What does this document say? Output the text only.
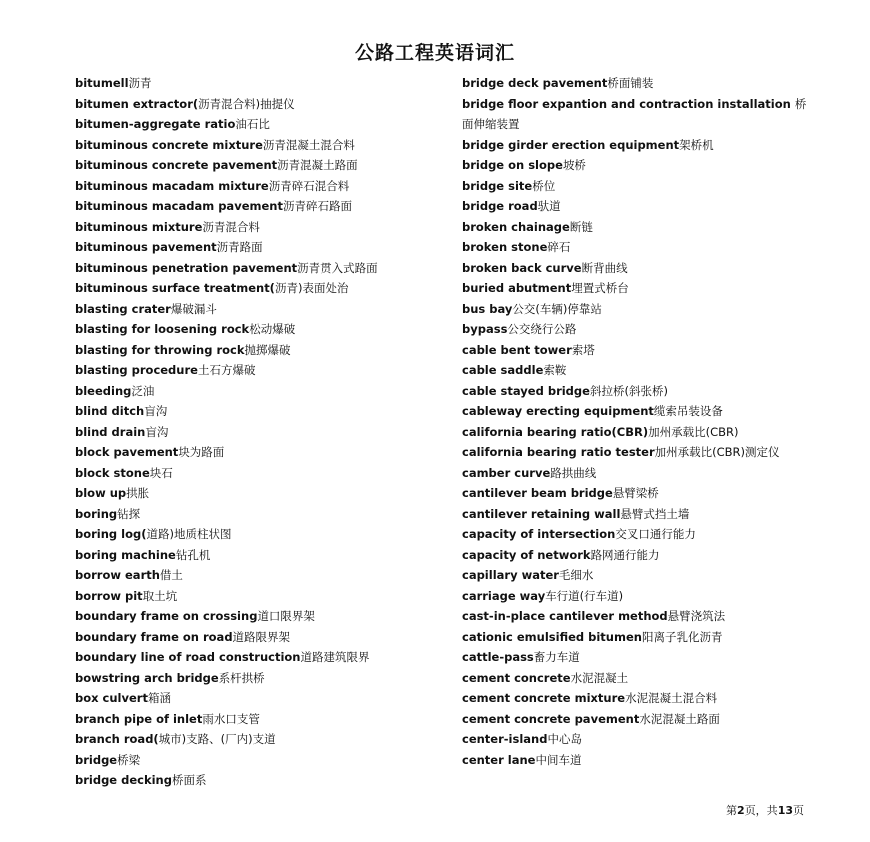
公路工程英语词汇
bitumell沥青
bitumen extractor(沥青混合料)抽提仪
bitumen-aggregate ratio油石比
bituminous concrete mixture沥青混凝土混合料
bituminous concrete pavement沥青混凝土路面
bituminous macadam mixture沥青碎石混合料
bituminous macadam pavement沥青碎石路面
bituminous mixture沥青混合料
bituminous pavement沥青路面
bituminous penetration pavement沥青贯入式路面
bituminous surface treatment(沥青)表面处治
blasting crater爆破漏斗
blasting for loosening rock松动爆破
blasting for throwing rock抛掷爆破
blasting procedure土石方爆破
bleeding泛油
blind ditch盲沟
blind drain盲沟
block pavement块为路面
block stone块石
blow up拱胀
boring钻探
boring log(道路)地质柱状图
boring machine钻孔机
borrow earth借土
borrow pit取土坑
boundary frame on crossing道口限界架
boundary frame on road道路限界架
boundary line of road construction道路建筑限界
bowstring arch bridge系杆拱桥
box culvert箱涵
branch pipe of inlet雨水口支管
branch road(城市)支路、(厂内)支道
bridge桥梁
bridge decking桥面系
bridge deck pavement桥面铺装
bridge floor expantion and contraction installation 桥面伸缩装置
bridge girder erection equipment架桥机
bridge on slope坡桥
bridge site桥位
bridge road驮道
broken chainage断链
broken stone碎石
broken back curve断背曲线
buried abutment埋置式桥台
bus bay公交(车辆)停靠站
bypass公交绕行公路
cable bent tower索塔
cable saddle索鞍
cable stayed bridge斜拉桥(斜张桥)
cableway erecting equipment缆索吊装设备
california bearing ratio(CBR)加州承载比(CBR)
california bearing ratio tester加州承载比(CBR)测定仪
camber curve路拱曲线
cantilever beam bridge悬臂梁桥
cantilever retaining wall悬臂式挡土墙
capacity of intersection交叉口通行能力
capacity of network路网通行能力
capillary water毛细水
carriage way车行道(行车道)
cast-in-place cantilever method悬臂浇筑法
cationic emulsified bitumen阳离子乳化沥青
cattle-pass畜力车道
cement concrete水泥混凝土
cement concrete mixture水泥混凝土混合料
cement concrete pavement水泥混凝土路面
center-island中心岛
center lane中间车道
第2页，共13页
